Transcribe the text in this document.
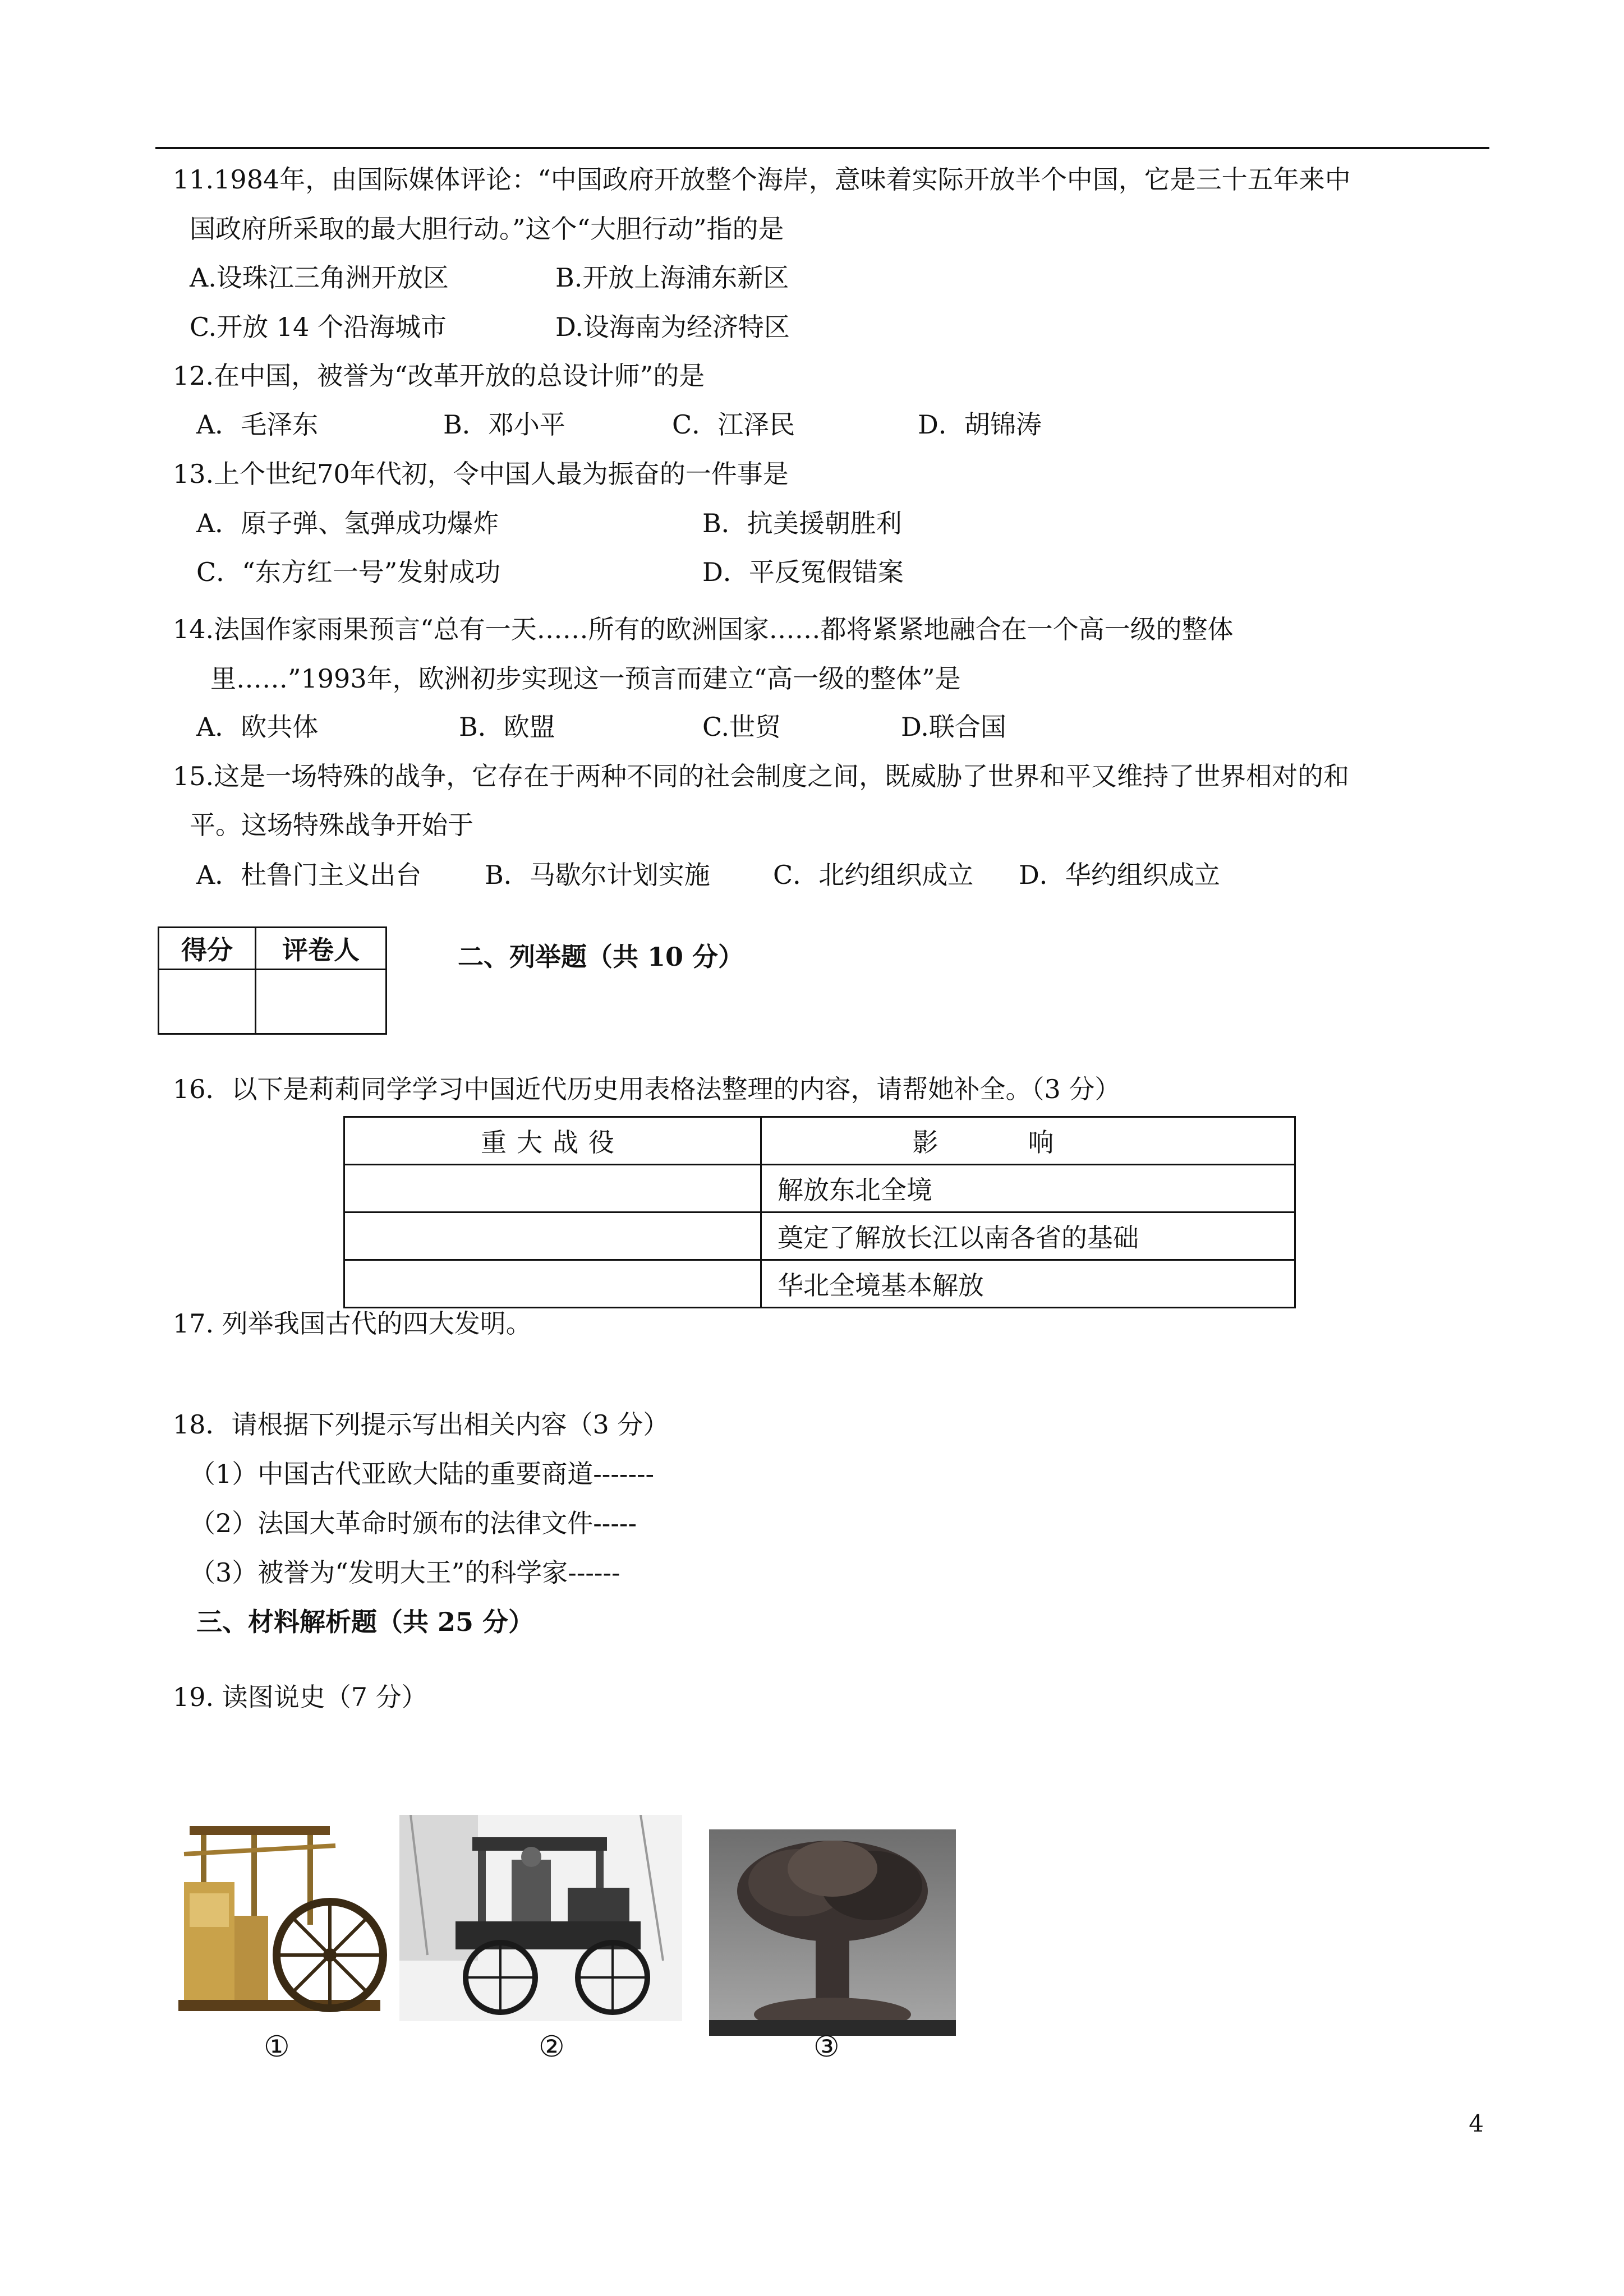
11.1984年，由国际媒体评论：“中国政府开放整个海岸，意味着实际开放半个中国，它是三十五年来中
国政府所采取的最大胆行动。”这个“大胆行动”指的是
A.设珠江三角洲开放区	B.开放上海浦东新区
C.开放 14 个沿海城市	D.设海南为经济特区
12.在中国，被誉为“改革开放的总设计师”的是
A．毛泽东	B．邓小平	C．江泽民	D．胡锦涛
13.上个世纪70年代初，令中国人最为振奋的一件事是
A．原子弹、氢弹成功爆炸	B．抗美援朝胜利
C．“东方红一号”发射成功	D．平反冤假错案
14.法国作家雨果预言“总有一天……所有的欧洲国家……都将紧紧地融合在一个高一级的整体
里……”1993年，欧洲初步实现这一预言而建立“高一级的整体”是
A．欧共体	B．欧盟	C.世贸	D.联合国
15.这是一场特殊的战争，它存在于两种不同的社会制度之间，既威胁了世界和平又维持了世界相对的和
平。这场特殊战争开始于
A．杜鲁门主义出台 B．马歇尔计划实施 C．北约组织成立 D．华约组织成立
得分	评卷人
		二、列举题（共 10 分）
16．以下是莉莉同学学习中国近代历史用表格法整理的内容，请帮她补全。（3 分）
重大战役	影响
	解放东北全境
	奠定了解放长江以南各省的基础
	华北全境基本解放
17. 列举我国古代的四大发明。
18．请根据下列提示写出相关内容（3 分）
（1）中国古代亚欧大陆的重要商道-------
（2）法国大革命时颁布的法律文件-----
（3）被誉为“发明大王”的科学家------
三、材料解析题（共 25 分）
19. 读图说史（7 分）
①	②	③
4
